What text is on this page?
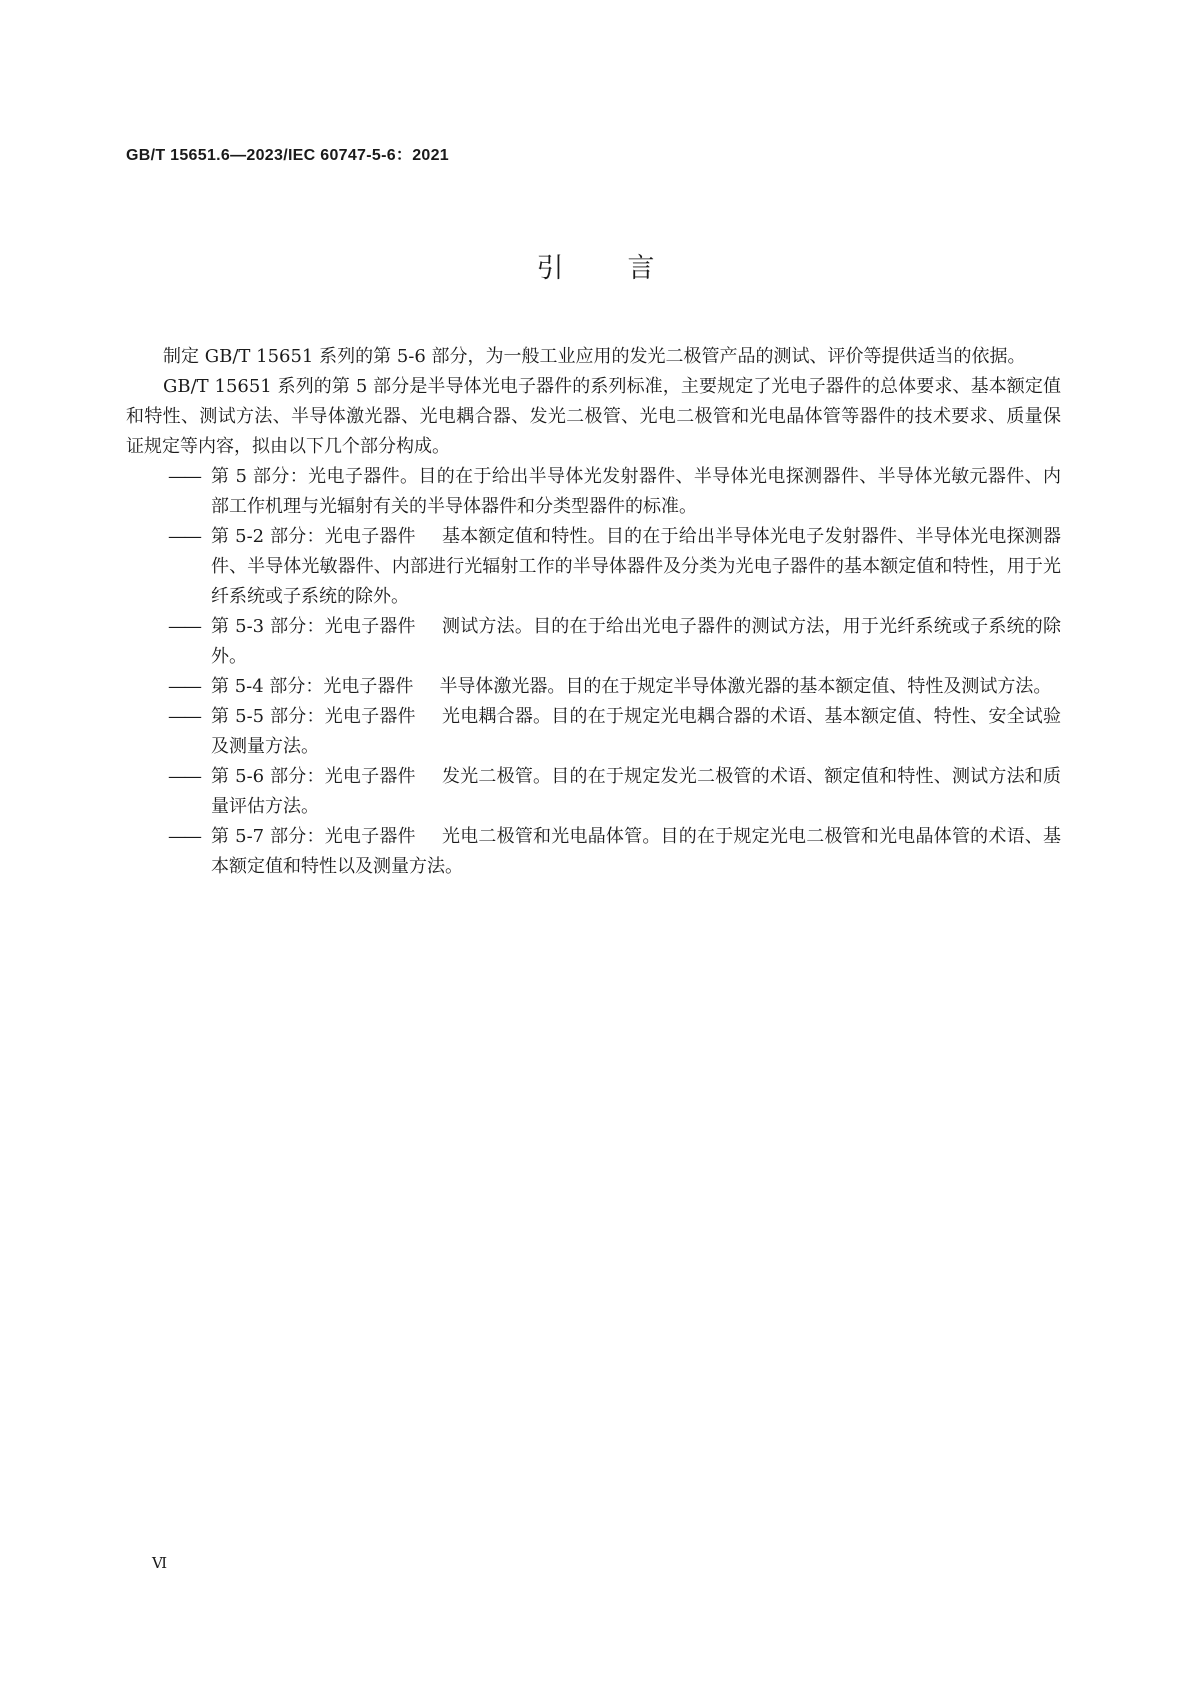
GB/T 15651.6—2023/IEC 60747-5-6：2021
引言

制定 GB/T 15651 系列的第 5-6 部分，为一般工业应用的发光二极管产品的测试、评价等提供适当的依据。

GB/T 15651 系列的第 5 部分是半导体光电子器件的系列标准，主要规定了光电子器件的总体要求、基本额定值和特性、测试方法、半导体激光器、光电耦合器、发光二极管、光电二极管和光电晶体管等器件的技术要求、质量保证规定等内容，拟由以下几个部分构成。

—— 第 5 部分：光电子器件。目的在于给出半导体光发射器件、半导体光电探测器件、半导体光敏元器件、内部工作机理与光辐射有关的半导体器件和分类型器件的标准。
—— 第 5-2 部分：光电子器件 基本额定值和特性。目的在于给出半导体光电子发射器件、半导体光电探测器件、半导体光敏器件、内部进行光辐射工作的半导体器件及分类为光电子器件的基本额定值和特性，用于光纤系统或子系统的除外。
—— 第 5-3 部分：光电子器件 测试方法。目的在于给出光电子器件的测试方法，用于光纤系统或子系统的除外。
—— 第 5-4 部分：光电子器件 半导体激光器。目的在于规定半导体激光器的基本额定值、特性及测试方法。
—— 第 5-5 部分：光电子器件 光电耦合器。目的在于规定光电耦合器的术语、基本额定值、特性、安全试验及测量方法。
—— 第 5-6 部分：光电子器件 发光二极管。目的在于规定发光二极管的术语、额定值和特性、测试方法和质量评估方法。
—— 第 5-7 部分：光电子器件 光电二极管和光电晶体管。目的在于规定光电二极管和光电晶体管的术语、基本额定值和特性以及测量方法。
Ⅵ
